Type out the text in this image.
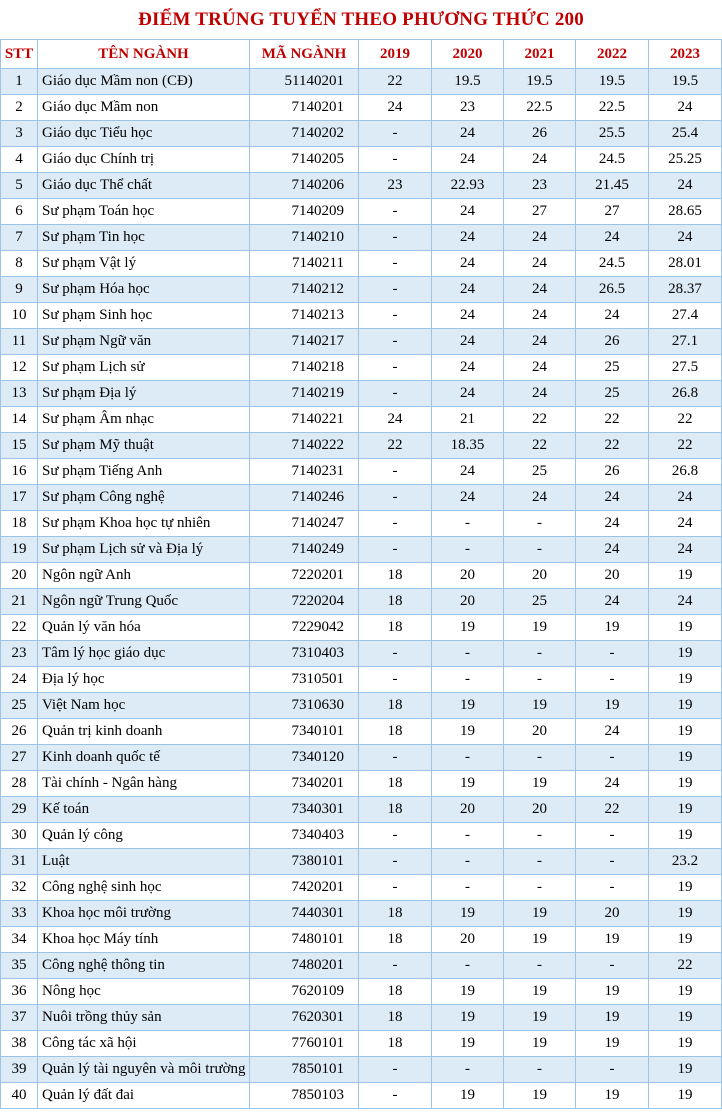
ĐIỂM TRÚNG TUYỂN THEO PHƯƠNG THỨC 200
STT	TÊN NGÀNH	MÃ NGÀNH	2019	2020	2021	2022	2023
1	Giáo dục Mầm non (CĐ)	51140201	22	19.5	19.5	19.5	19.5
2	Giáo dục Mầm non	7140201	24	23	22.5	22.5	24
3	Giáo dục Tiểu học	7140202	-	24	26	25.5	25.4
4	Giáo dục Chính trị	7140205	-	24	24	24.5	25.25
5	Giáo dục Thể chất	7140206	23	22.93	23	21.45	24
6	Sư phạm Toán học	7140209	-	24	27	27	28.65
7	Sư phạm Tin học	7140210	-	24	24	24	24
8	Sư phạm Vật lý	7140211	-	24	24	24.5	28.01
9	Sư phạm Hóa học	7140212	-	24	24	26.5	28.37
10	Sư phạm Sinh học	7140213	-	24	24	24	27.4
11	Sư phạm Ngữ văn	7140217	-	24	24	26	27.1
12	Sư phạm Lịch sử	7140218	-	24	24	25	27.5
13	Sư phạm Địa lý	7140219	-	24	24	25	26.8
14	Sư phạm Âm nhạc	7140221	24	21	22	22	22
15	Sư phạm Mỹ thuật	7140222	22	18.35	22	22	22
16	Sư phạm Tiếng Anh	7140231	-	24	25	26	26.8
17	Sư phạm Công nghệ	7140246	-	24	24	24	24
18	Sư phạm Khoa học tự nhiên	7140247	-	-	-	24	24
19	Sư phạm Lịch sử và Địa lý	7140249	-	-	-	24	24
20	Ngôn ngữ Anh	7220201	18	20	20	20	19
21	Ngôn ngữ Trung Quốc	7220204	18	20	25	24	24
22	Quản lý văn hóa	7229042	18	19	19	19	19
23	Tâm lý học giáo dục	7310403	-	-	-	-	19
24	Địa lý học	7310501	-	-	-	-	19
25	Việt Nam học	7310630	18	19	19	19	19
26	Quản trị kinh doanh	7340101	18	19	20	24	19
27	Kinh doanh quốc tế	7340120	-	-	-	-	19
28	Tài chính - Ngân hàng	7340201	18	19	19	24	19
29	Kế toán	7340301	18	20	20	22	19
30	Quản lý công	7340403	-	-	-	-	19
31	Luật	7380101	-	-	-	-	23.2
32	Công nghệ sinh học	7420201	-	-	-	-	19
33	Khoa học môi trường	7440301	18	19	19	20	19
34	Khoa học Máy tính	7480101	18	20	19	19	19
35	Công nghệ thông tin	7480201	-	-	-	-	22
36	Nông học	7620109	18	19	19	19	19
37	Nuôi trồng thủy sản	7620301	18	19	19	19	19
38	Công tác xã hội	7760101	18	19	19	19	19
39	Quản lý tài nguyên và môi trường	7850101	-	-	-	-	19
40	Quản lý đất đai	7850103	-	19	19	19	19
